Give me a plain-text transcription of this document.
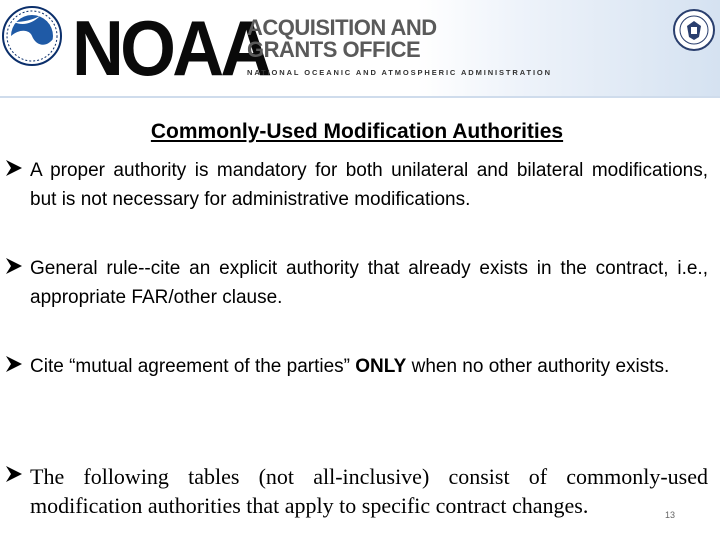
NOAA
ACQUISITION AND
GRANTS OFFICE
NATIONAL OCEANIC AND ATMOSPHERIC ADMINISTRATION
Commonly-Used Modification Authorities
A proper authority is mandatory for both unilateral and bilateral modifications, but is not necessary for administrative modifications.
General rule--cite an explicit authority that already exists in the contract, i.e., appropriate FAR/other clause.
Cite “mutual agreement of the parties” ONLY when no other authority exists.
The following tables (not all-inclusive) consist of commonly-used modification authorities that apply to specific contract changes.	13
